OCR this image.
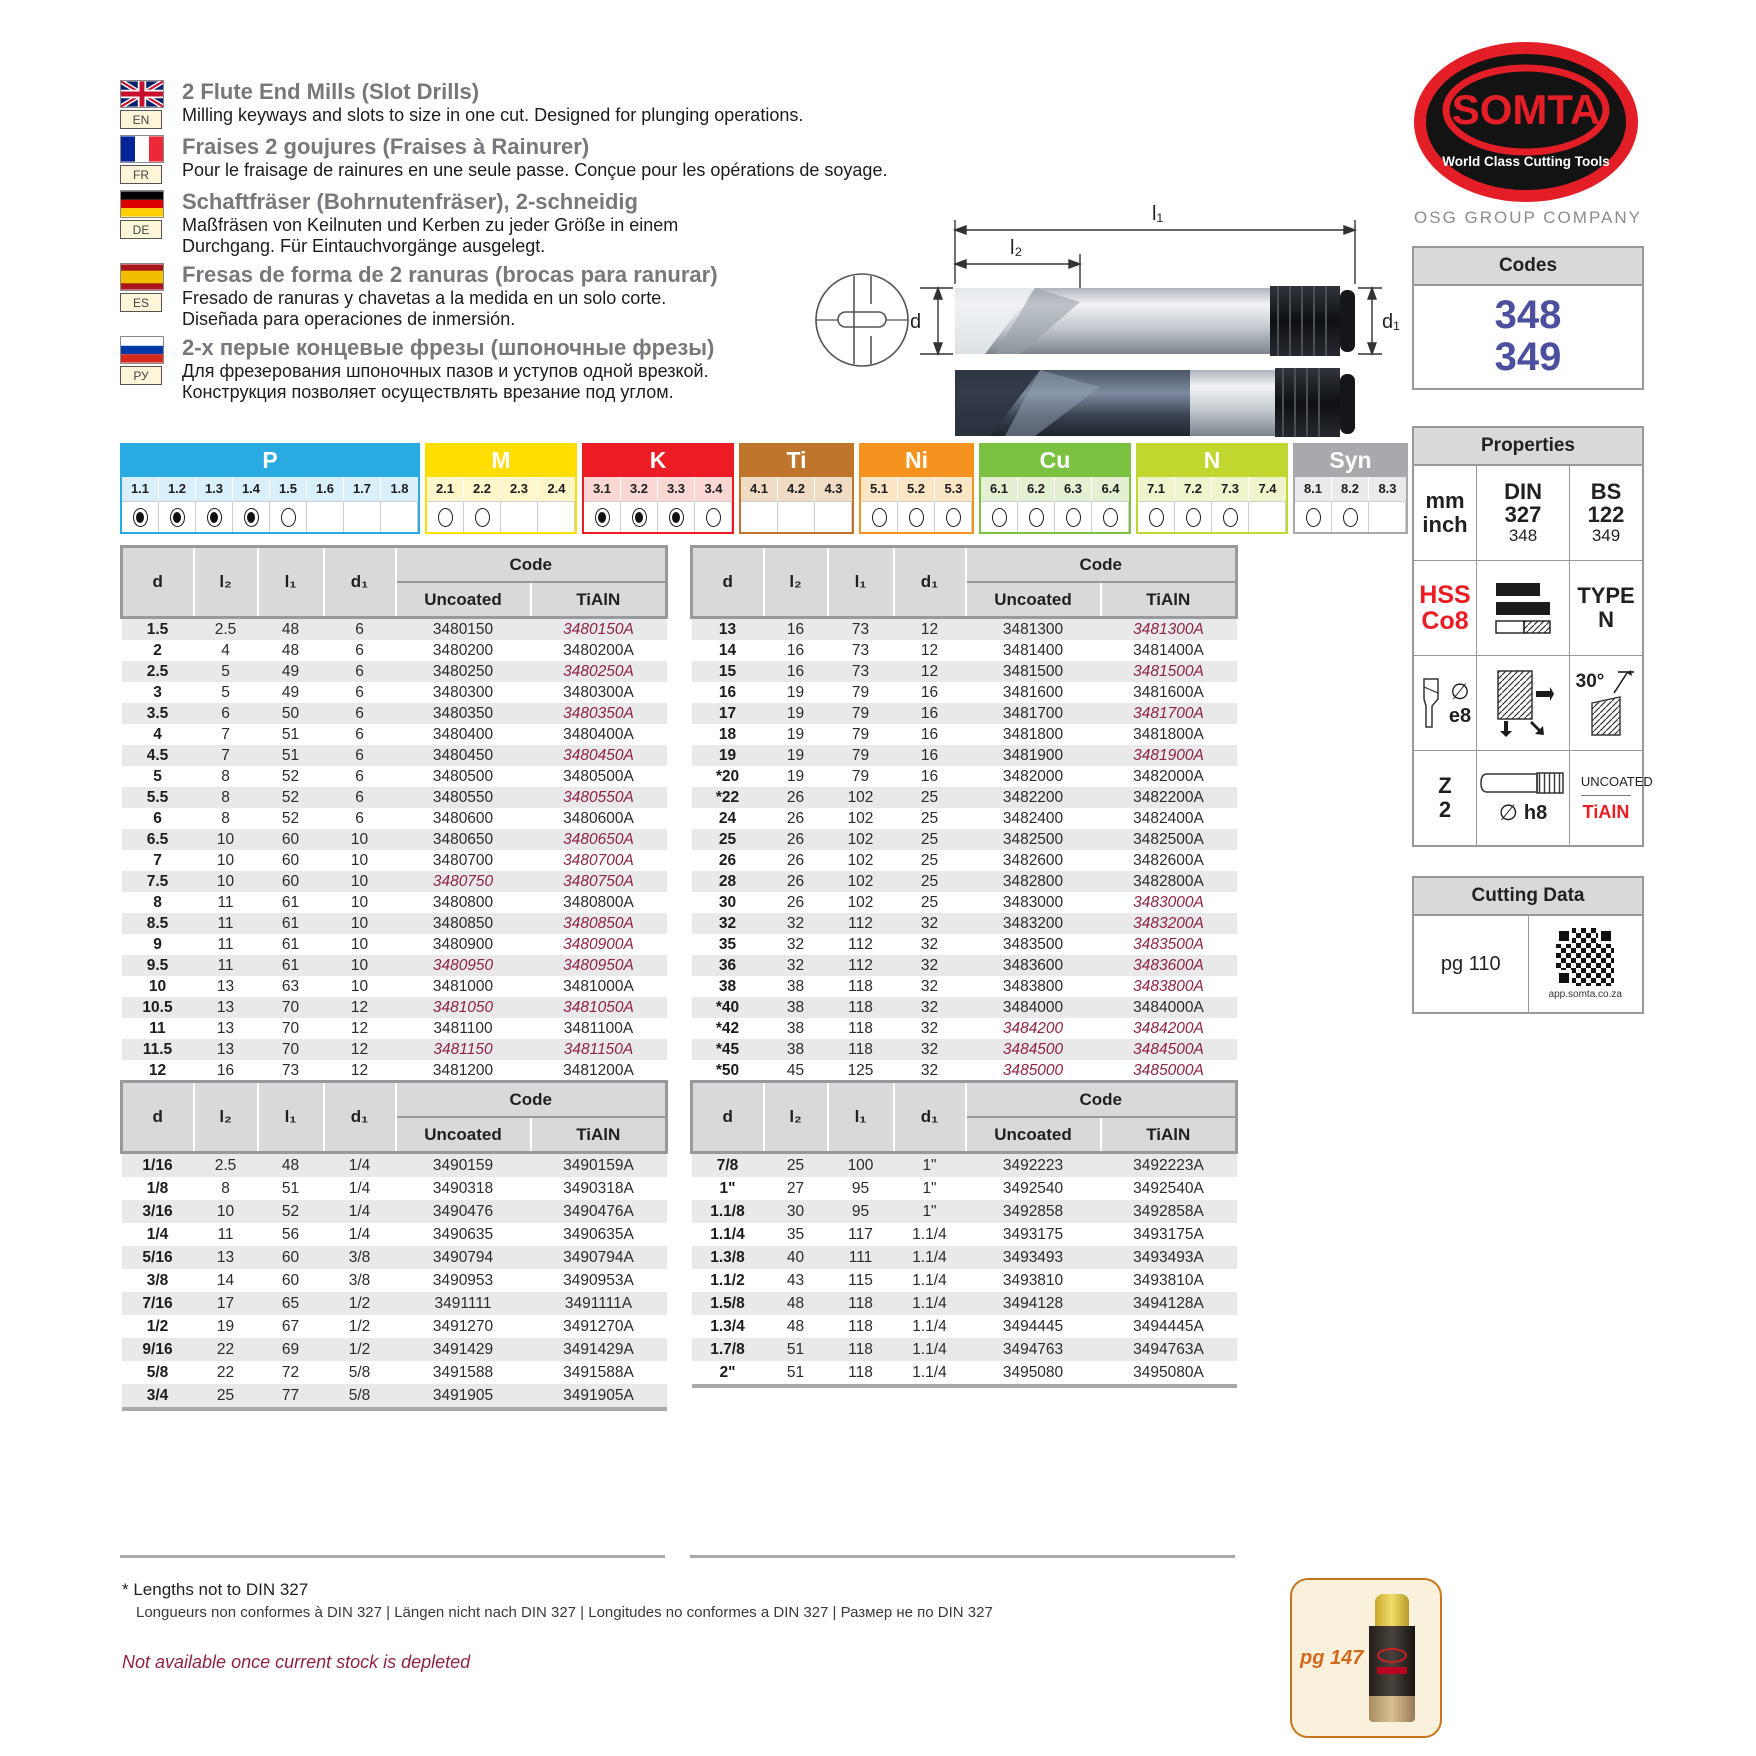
EN
2 Flute End Mills (Slot Drills)
Milling keyways and slots to size in one cut. Designed for plunging operations.
FR
Fraises 2 goujures (Fraises à Rainurer)
Pour le fraisage de rainures en une seule passe. Conçue pour les opérations de soyage.
DE
Schaftfräser (Bohrnutenfräser), 2-schneidig
Maßfräsen von Keilnuten und Kerben zu jeder Größe in einem Durchgang. Für Eintauchvorgänge ausgelegt.
ES
Fresas de forma de 2 ranuras (brocas para ranurar)
Fresado de ranuras y chavetas a la medida en un solo corte. Diseñada para operaciones de inmersión.
РУ
2-х перые концевые фрезы (шпоночные фрезы)
Для фрезерования шпоночных пазов и уступов одной врезкой. Конструкция позволяет осуществлять врезание под углом.
l₁
l₂
d	d₁
SOMTA
World Class Cutting Tools
OSG GROUP COMPANY
Codes
348
349
Properties
mm
inch
DIN
327
348
BS
122
349
HSS
Co8
TYPE
N
∅
e8
30°
Z
2 ∅ h8
UNCOATED
TiAlN
Cutting Data
pg 110
app.somta.co.za
P
1.1	1.2	1.3	1.4	1.5	1.6	1.7	1.8
M
2.1	2.2	2.3	2.4
K
3.1	3.2	3.3	3.4
Ti
4.1	4.2	4.3
Ni
5.1	5.2	5.3
Cu
6.1	6.2	6.3	6.4
N
7.1	7.2	7.3	7.4
Syn
8.1	8.2	8.3
d	l₂	l₁	d₁	Code	
				Uncoated	TiAlN
1.5	2.5	48	6	3480150	3480150A
2	4	48	6	3480200	3480200A
2.5	5	49	6	3480250	3480250A
3	5	49	6	3480300	3480300A
3.5	6	50	6	3480350	3480350A
4	7	51	6	3480400	3480400A
4.5	7	51	6	3480450	3480450A
5	8	52	6	3480500	3480500A
5.5	8	52	6	3480550	3480550A
6	8	52	6	3480600	3480600A
6.5	10	60	10	3480650	3480650A
7	10	60	10	3480700	3480700A
7.5	10	60	10	3480750	3480750A
8	11	61	10	3480800	3480800A
8.5	11	61	10	3480850	3480850A
9	11	61	10	3480900	3480900A
9.5	11	61	10	3480950	3480950A
10	13	63	10	3481000	3481000A
10.5	13	70	12	3481050	3481050A
11	13	70	12	3481100	3481100A
11.5	13	70	12	3481150	3481150A
12	16	73	12	3481200	3481200A
d	l₂	l₁	d₁	Code	
				Uncoated	TiAlN
13	16	73	12	3481300	3481300A
14	16	73	12	3481400	3481400A
15	16	73	12	3481500	3481500A
16	19	79	16	3481600	3481600A
17	19	79	16	3481700	3481700A
18	19	79	16	3481800	3481800A
19	19	79	16	3481900	3481900A
*20	19	79	16	3482000	3482000A
*22	26	102	25	3482200	3482200A
24	26	102	25	3482400	3482400A
25	26	102	25	3482500	3482500A
26	26	102	25	3482600	3482600A
28	26	102	25	3482800	3482800A
30	26	102	25	3483000	3483000A
32	32	112	32	3483200	3483200A
35	32	112	32	3483500	3483500A
36	32	112	32	3483600	3483600A
38	38	118	32	3483800	3483800A
*40	38	118	32	3484000	3484000A
*42	38	118	32	3484200	3484200A
*45	38	118	32	3484500	3484500A
*50	45	125	32	3485000	3485000A
d	l₂	l₁	d₁	Code	
				Uncoated	TiAlN
1/16	2.5	48	1/4	3490159	3490159A
1/8	8	51	1/4	3490318	3490318A
3/16	10	52	1/4	3490476	3490476A
1/4	11	56	1/4	3490635	3490635A
5/16	13	60	3/8	3490794	3490794A
3/8	14	60	3/8	3490953	3490953A
7/16	17	65	1/2	3491111	3491111A
1/2	19	67	1/2	3491270	3491270A
9/16	22	69	1/2	3491429	3491429A
5/8	22	72	5/8	3491588	3491588A
3/4	25	77	5/8	3491905	3491905A
d	l₂	l₁	d₁	Code	
				Uncoated	TiAlN
7/8	25	100	1"	3492223	3492223A
1"	27	95	1"	3492540	3492540A
1.1/8	30	95	1"	3492858	3492858A
1.1/4	35	117	1.1/4	3493175	3493175A
1.3/8	40	111	1.1/4	3493493	3493493A
1.1/2	43	115	1.1/4	3493810	3493810A
1.5/8	48	118	1.1/4	3494128	3494128A
1.3/4	48	118	1.1/4	3494445	3494445A
1.7/8	51	118	1.1/4	3494763	3494763A
2"	51	118	1.1/4	3495080	3495080A
* Lengths not to DIN 327
Longueurs non conformes à DIN 327 | Längen nicht nach DIN 327 | Longitudes no conformes a DIN 327 | Размер не по DIN 327
Not available once current stock is depleted	pg 147
